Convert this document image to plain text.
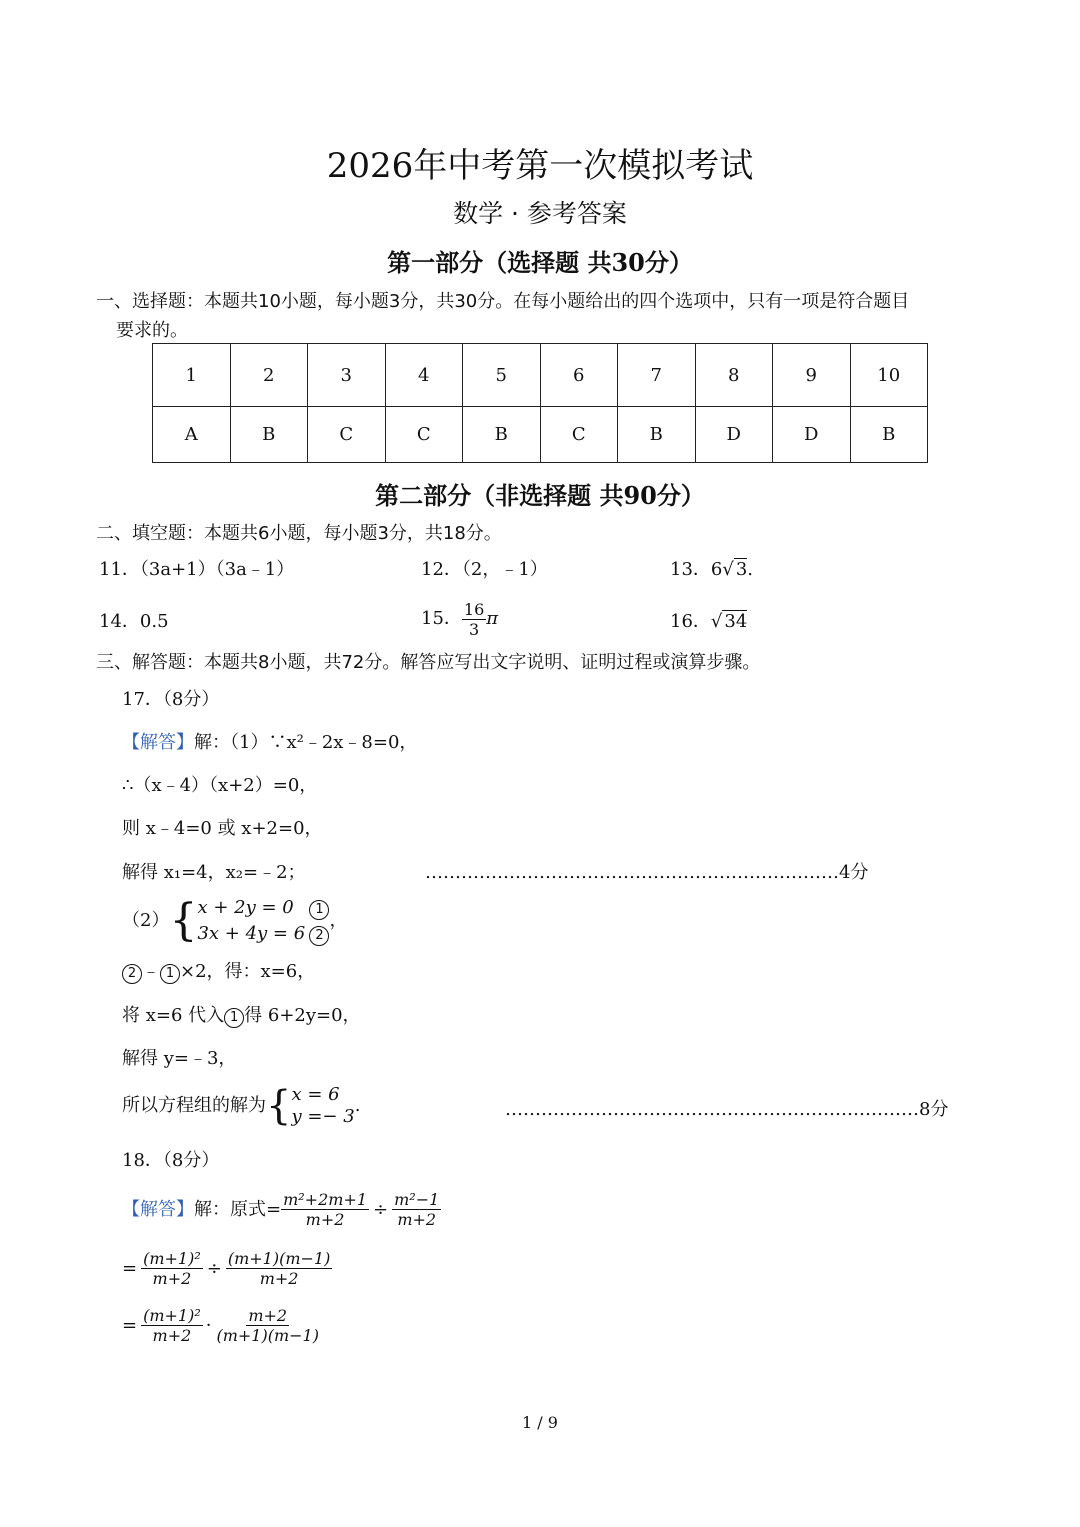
2026年中考第一次模拟考试
数学 · 参考答案
第一部分（选择题 共30分）
一、选择题：本题共10小题，每小题3分，共30分。在每小题给出的四个选项中，只有一项是符合题目
要求的。
1	2	3	4	5	6	7	8	9	10
A	B	C	C	B	C	B	D	D	B
第二部分（非选择题 共90分）
二、填空题：本题共6小题，每小题3分，共18分。
11．（3a+1）（3a﹣1）	12．（2，﹣1）	13．6√ 3.
14．0.5	15． $\frac{16}{3}$ π	16．√ 34
三、解答题：本题共8小题，共72分。解答应写出文字说明、证明过程或演算步骤。
17．（8分）
【解答】解：（1）∵x²﹣2x﹣8=0，
∴（x﹣4）（x+2）=0，
则 x﹣4=0 或 x+2=0，
解得 x₁=4，x₂=﹣2；	……………………………………………………………4分
（2） { x + 2y = 0 1
3x + 4y = 6 2
，
2 ﹣ 1 ×2，得：x=6，
将 x=6 代入 1 得 6+2y=0，
解得 y=﹣3，
所以方程组的解为 { x = 6
y =− 3
.	……………………………………………………………8分
18．（8分）
【解答】 解：原式= $\frac{\text{m²+2m+1}}{m+2} \div \frac{\text{m²−1}}{m+2}$
= $\frac{\text{(m+1)²}}{m+2} \div \frac{(m+1)(m-1)}{m+2}$
= $\frac{\text{(m+1)²}}{m+2} \cdot \frac{m+2}{(m+1)(m-1)}$
1 / 9
